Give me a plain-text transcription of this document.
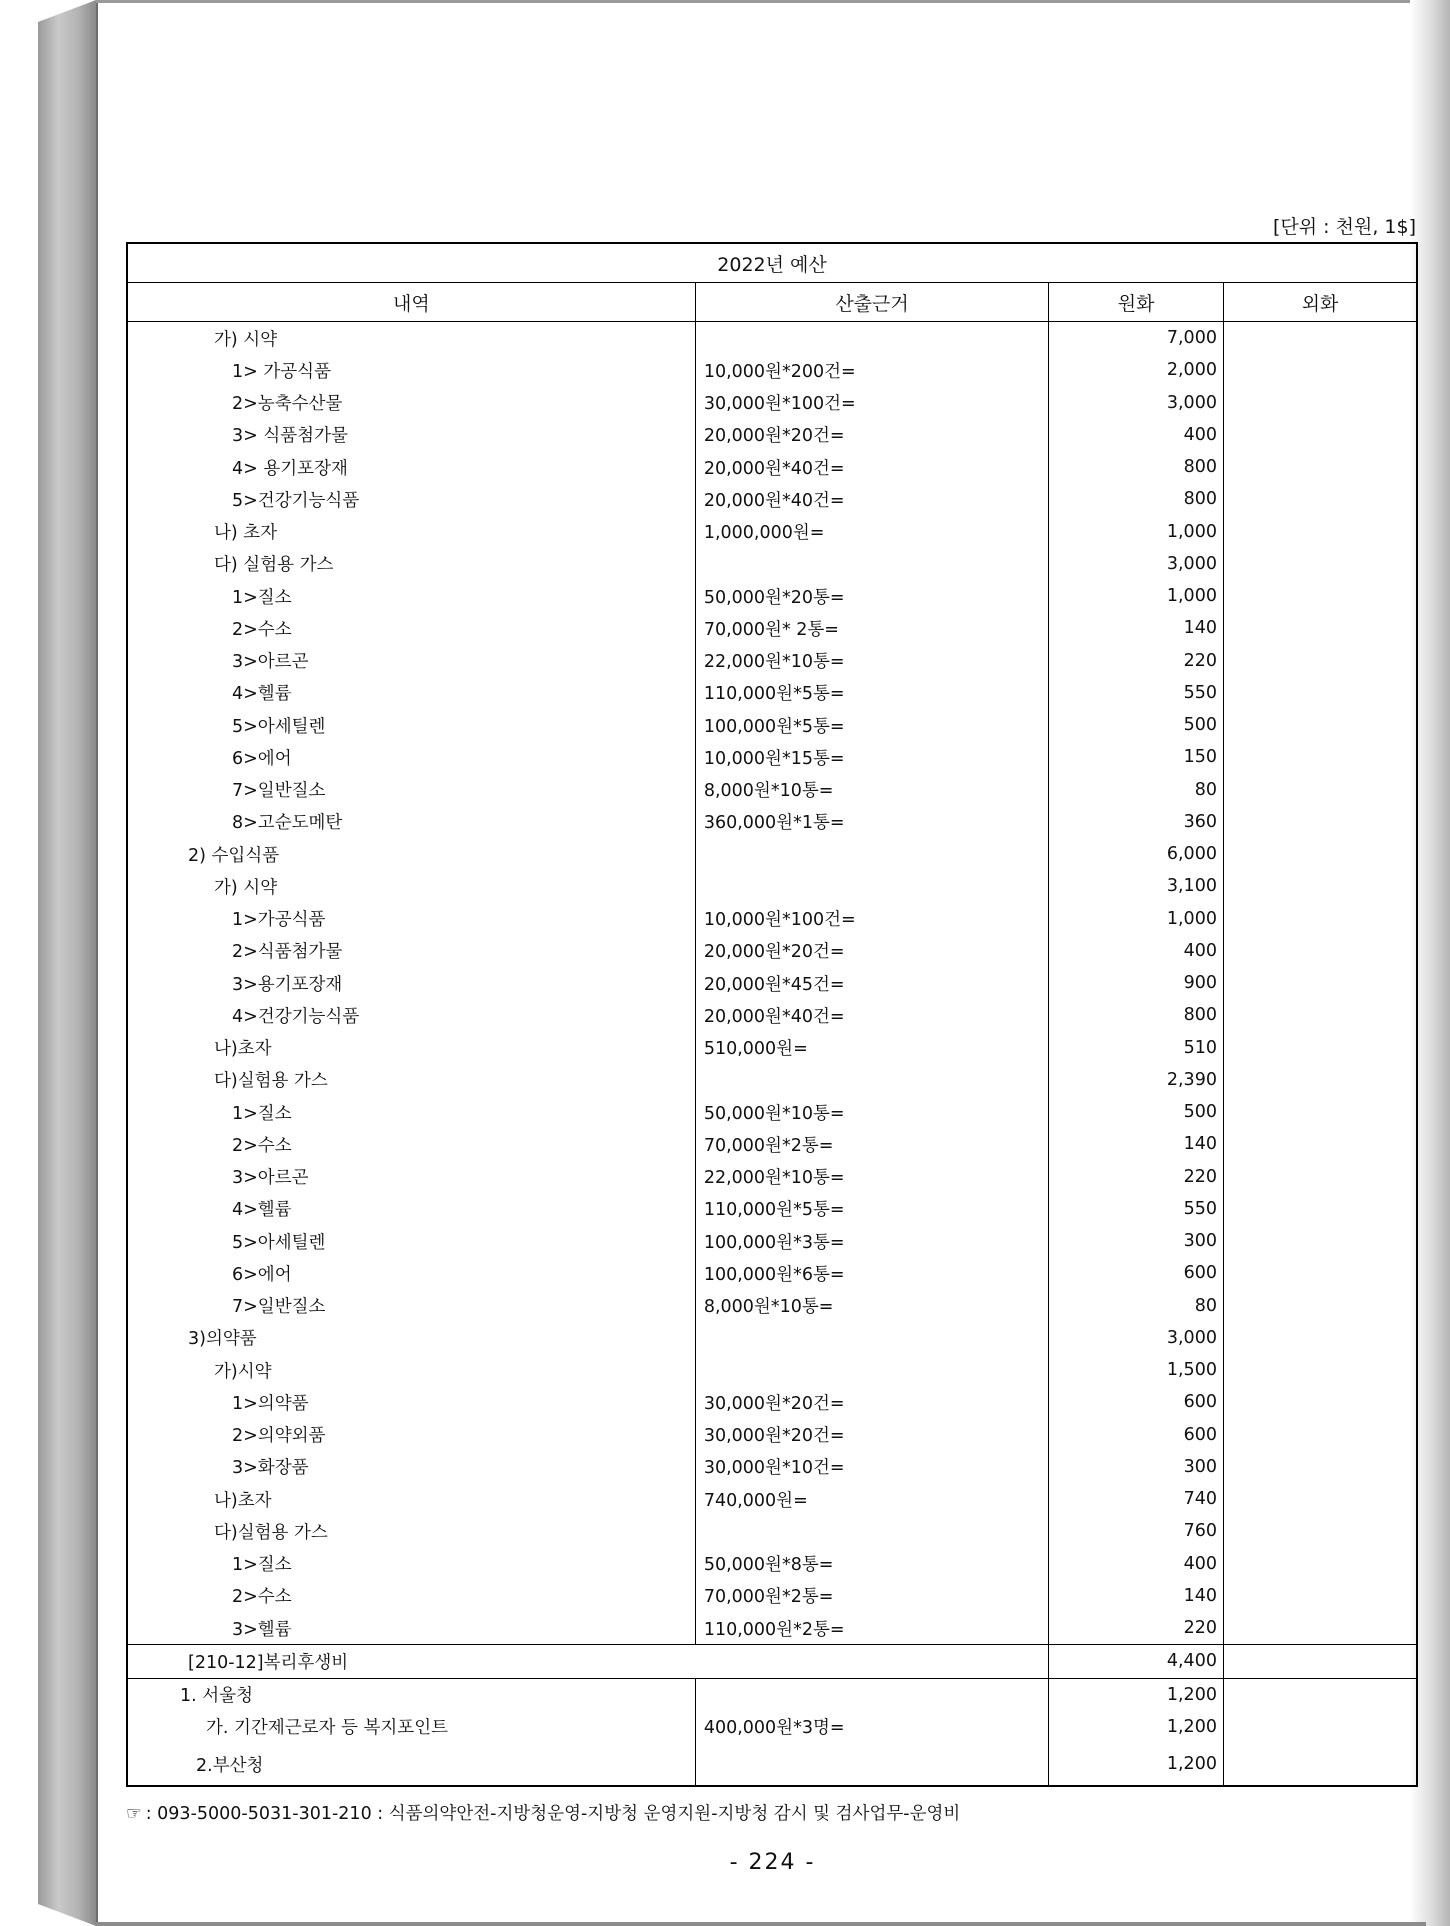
[단위 : 천원, 1$]
2022년 예산			
내역	산출근거	원화	외화
가) 시약		7,000	
1> 가공식품	10,000원*200건=	2,000	
2>농축수산물	30,000원*100건=	3,000	
3> 식품첨가물	20,000원*20건=	400	
4> 용기포장재	20,000원*40건=	800	
5>건강기능식품	20,000원*40건=	800	
나) 초자	1,000,000원=	1,000	
다) 실험용 가스		3,000	
1>질소	50,000원*20통=	1,000	
2>수소	70,000원* 2통=	140	
3>아르곤	22,000원*10통=	220	
4>헬륨	110,000원*5통=	550	
5>아세틸렌	100,000원*5통=	500	
6>에어	10,000원*15통=	150	
7>일반질소	8,000원*10통=	80	
8>고순도메탄	360,000원*1통=	360	
2) 수입식품		6,000	
가) 시약		3,100	
1>가공식품	10,000원*100건=	1,000	
2>식품첨가물	20,000원*20건=	400	
3>용기포장재	20,000원*45건=	900	
4>건강기능식품	20,000원*40건=	800	
나)초자	510,000원=	510	
다)실험용 가스		2,390	
1>질소	50,000원*10통=	500	
2>수소	70,000원*2통=	140	
3>아르곤	22,000원*10통=	220	
4>헬륨	110,000원*5통=	550	
5>아세틸렌	100,000원*3통=	300	
6>에어	100,000원*6통=	600	
7>일반질소	8,000원*10통=	80	
3)의약품		3,000	
가)시약		1,500	
1>의약품	30,000원*20건=	600	
2>의약외품	30,000원*20건=	600	
3>화장품	30,000원*10건=	300	
나)초자	740,000원=	740	
다)실험용 가스		760	
1>질소	50,000원*8통=	400	
2>수소	70,000원*2통=	140	
3>헬륨	110,000원*2통=	220	
[210-12]복리후생비		4,400	
1. 서울청		1,200	
가. 기간제근로자 등 복지포인트	400,000원*3명=	1,200	
2.부산청		1,200	
☞ : 093-5000-5031-301-210 : 식품의약안전-지방청운영-지방청 운영지원-지방청 감시 및 검사업무-운영비
- 224 -
